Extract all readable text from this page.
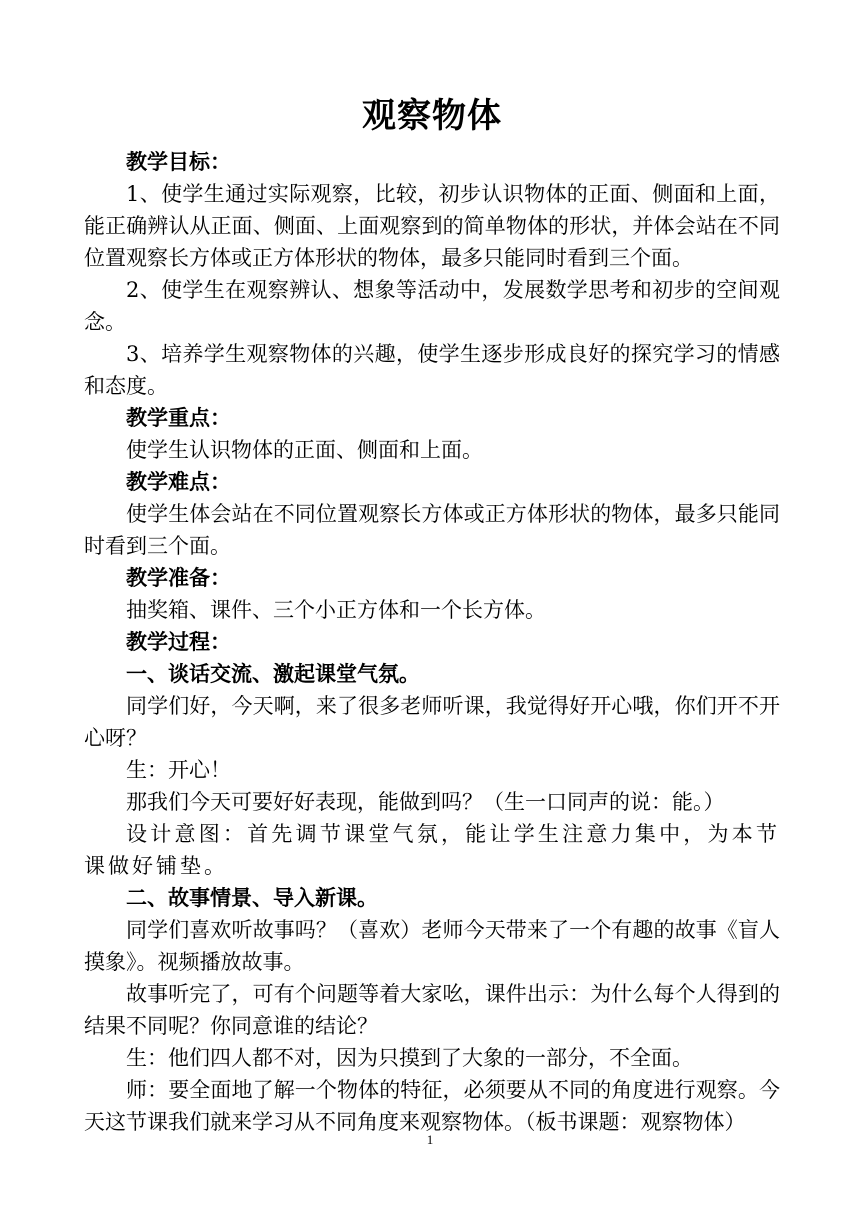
观察物体

教学目标：

1、使学生通过实际观察，比较，初步认识物体的正面、侧面和上面，能正确辨认从正面、侧面、上面观察到的简单物体的形状，并体会站在不同位置观察长方体或正方体形状的物体，最多只能同时看到三个面。

2、使学生在观察辨认、想象等活动中，发展数学思考和初步的空间观念。

3、培养学生观察物体的兴趣，使学生逐步形成良好的探究学习的情感和态度。

教学重点：

使学生认识物体的正面、侧面和上面。

教学难点：

使学生体会站在不同位置观察长方体或正方体形状的物体，最多只能同时看到三个面。

教学准备：

抽奖箱、课件、三个小正方体和一个长方体。

教学过程：

一、谈话交流、激起课堂气氛。

同学们好，今天啊，来了很多老师听课，我觉得好开心哦，你们开不开心呀？

生：开心！

那我们今天可要好好表现，能做到吗？（生一口同声的说：能。）

设计意图：首先调节课堂气氛，能让学生注意力集中，为本节课做好铺垫。

二、故事情景、导入新课。

同学们喜欢听故事吗？（喜欢）老师今天带来了一个有趣的故事《盲人摸象》。视频播放故事。

故事听完了，可有个问题等着大家吆，课件出示：为什么每个人得到的结果不同呢？你同意谁的结论？

生：他们四人都不对，因为只摸到了大象的一部分，不全面。

师：要全面地了解一个物体的特征，必须要从不同的角度进行观察。今天这节课我们就来学习从不同角度来观察物体。（板书课题：观察物体）

1
